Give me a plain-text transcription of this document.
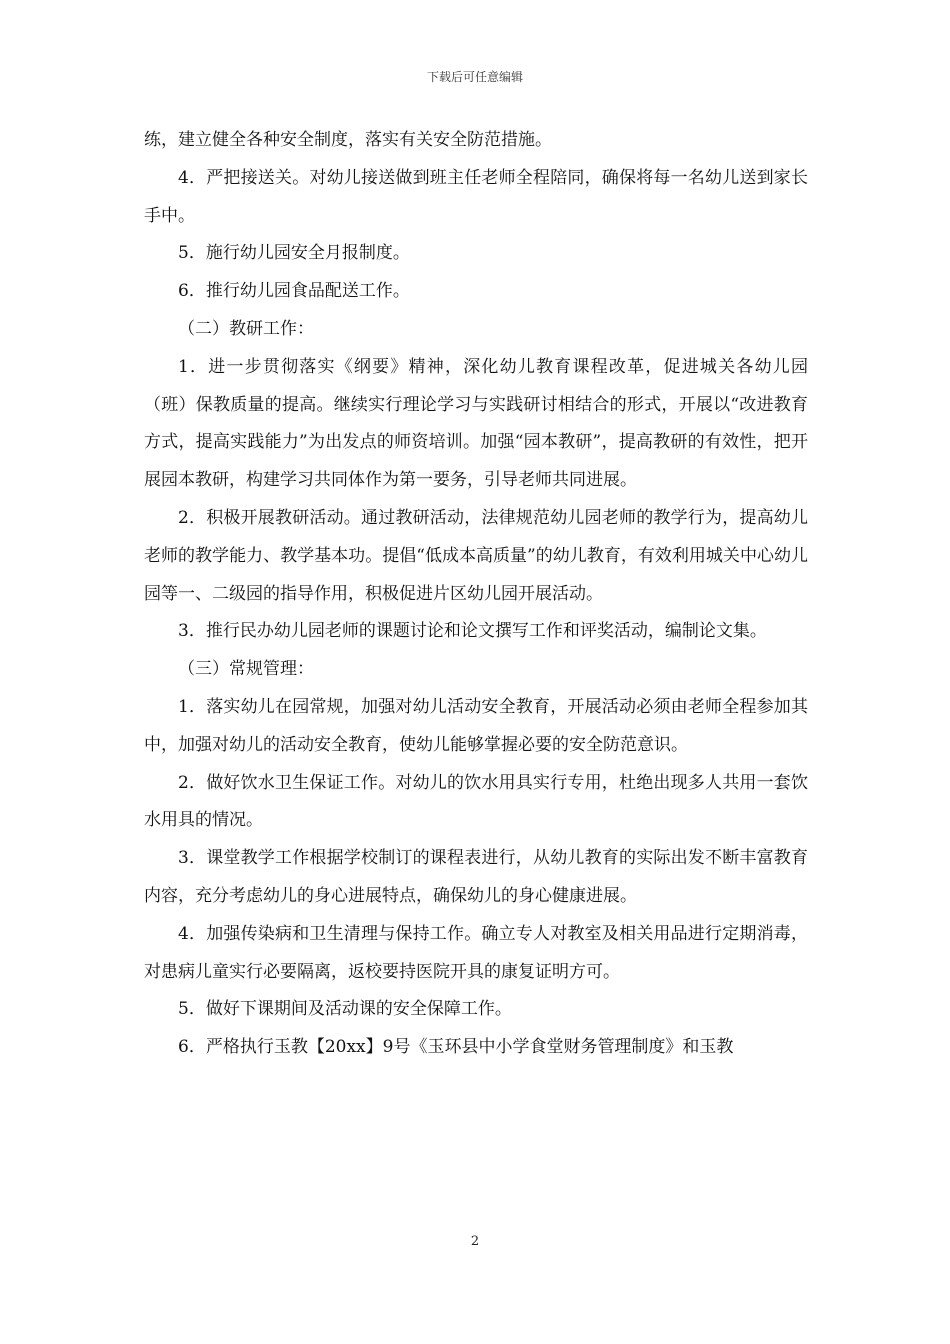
下载后可任意编辑

练，建立健全各种安全制度，落实有关安全防范措施。

4．严把接送关。对幼儿接送做到班主任老师全程陪同，确保将每一名幼儿送到家长手中。

5．施行幼儿园安全月报制度。

6．推行幼儿园食品配送工作。

（二）教研工作：

1．进一步贯彻落实《纲要》精神，深化幼儿教育课程改革，促进城关各幼儿园（班）保教质量的提高。继续实行理论学习与实践研讨相结合的形式，开展以“改进教育方式，提高实践能力”为出发点的师资培训。加强“园本教研”，提高教研的有效性，把开展园本教研，构建学习共同体作为第一要务，引导老师共同进展。

2．积极开展教研活动。通过教研活动，法律规范幼儿园老师的教学行为，提高幼儿老师的教学能力、教学基本功。提倡“低成本高质量”的幼儿教育，有效利用城关中心幼儿园等一、二级园的指导作用，积极促进片区幼儿园开展活动。

3．推行民办幼儿园老师的课题讨论和论文撰写工作和评奖活动，编制论文集。

（三）常规管理：

1．落实幼儿在园常规，加强对幼儿活动安全教育，开展活动必须由老师全程参加其中，加强对幼儿的活动安全教育，使幼儿能够掌握必要的安全防范意识。

2．做好饮水卫生保证工作。对幼儿的饮水用具实行专用，杜绝出现多人共用一套饮水用具的情况。

3．课堂教学工作根据学校制订的课程表进行，从幼儿教育的实际出发不断丰富教育内容，充分考虑幼儿的身心进展特点，确保幼儿的身心健康进展。

4．加强传染病和卫生清理与保持工作。确立专人对教室及相关用品进行定期消毒，对患病儿童实行必要隔离，返校要持医院开具的康复证明方可。

5．做好下课期间及活动课的安全保障工作。

6．严格执行玉教【20xx】9号《玉环县中小学食堂财务管理制度》和玉教

2
